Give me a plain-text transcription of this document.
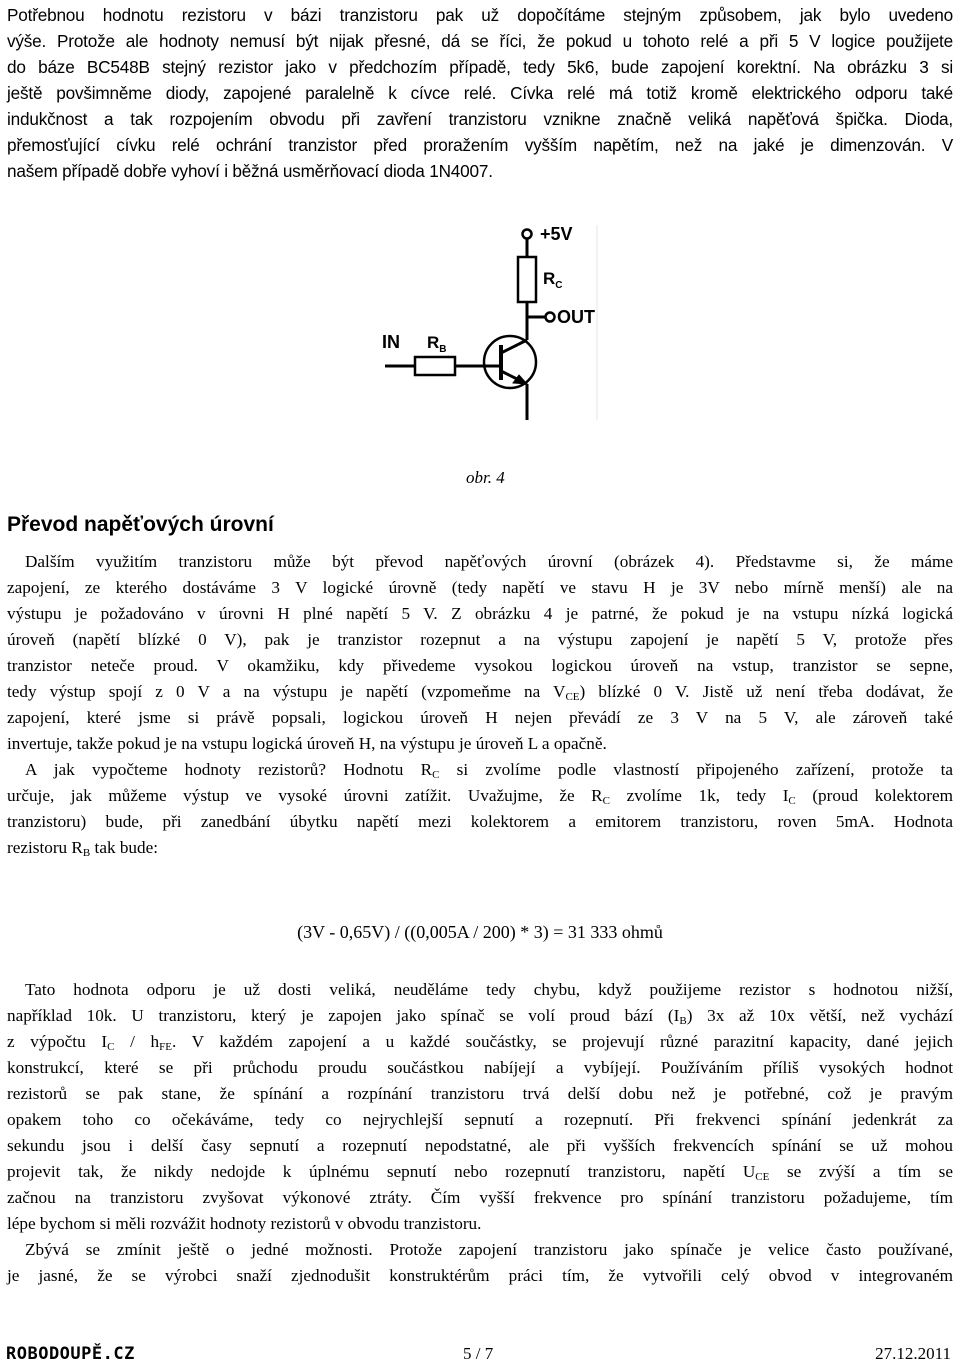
Potřebnou hodnotu rezistoru v bázi tranzistoru pak už dopočítáme stejným způsobem, jak bylo uvedeno
výše. Protože ale hodnoty nemusí být nijak přesné, dá se říci, že pokud u tohoto relé a při 5 V logice použijete
do báze BC548B stejný rezistor jako v předchozím případě, tedy 5k6, bude zapojení korektní. Na obrázku 3 si
ještě povšimněme diody, zapojené paralelně k cívce relé. Cívka relé má totiž kromě elektrického odporu také
indukčnost a tak rozpojením obvodu při zavření tranzistoru vznikne značně veliká napěťová špička. Dioda,
přemosťující cívku relé ochrání tranzistor před proražením vyšším napětím, než na jaké je dimenzován. V
našem případě dobře vyhoví i běžná usměrňovací dioda 1N4007.
+5V
$R_C$
OUT
IN $R_B$
obr. 4
Převod napěťových úrovní
Dalším využitím tranzistoru může být převod napěťových úrovní (obrázek 4). Představme si, že máme
zapojení, ze kterého dostáváme 3 V logické úrovně (tedy napětí ve stavu H je 3V nebo mírně menší) ale na
výstupu je požadováno v úrovni H plné napětí 5 V. Z obrázku 4 je patrné, že pokud je na vstupu nízká logická
úroveň (napětí blízké 0 V), pak je tranzistor rozepnut a na výstupu zapojení je napětí 5 V, protože přes
tranzistor neteče proud. V okamžiku, kdy přivedeme vysokou logickou úroveň na vstup, tranzistor se sepne,
tedy výstup spojí z 0 V a na výstupu je napětí (vzpomeňme na $V_{CE}$) blízké 0 V. Jistě už není třeba dodávat, že
zapojení, které jsme si právě popsali, logickou úroveň H nejen převádí ze 3 V na 5 V, ale zároveň také
invertuje, takže pokud je na vstupu logická úroveň H, na výstupu je úroveň L a opačně.
A jak vypočteme hodnoty rezistorů? Hodnotu $R_C$ si zvolíme podle vlastností připojeného zařízení, protože ta
určuje, jak můžeme výstup ve vysoké úrovni zatížit. Uvažujme, že $R_C$ zvolíme 1k, tedy $I_C$ (proud kolektorem
tranzistoru) bude, při zanedbání úbytku napětí mezi kolektorem a emitorem tranzistoru, roven 5mA. Hodnota
rezistoru $R_B$ tak bude:
(3V - 0,65V) / ((0,005A / 200) * 3) = 31 333 ohmů
Tato hodnota odporu je už dosti veliká, neuděláme tedy chybu, když použijeme rezistor s hodnotou nižší,
například 10k. U tranzistoru, který je zapojen jako spínač se volí proud bází $(I_B)$ 3x až 10x větší, než vychází
z výpočtu $I_C / h_{FE}$. V každém zapojení a u každé součástky, se projevují různé parazitní kapacity, dané jejich
konstrukcí, které se při průchodu proudu součástkou nabíjejí a vybíjejí. Používáním příliš vysokých hodnot
rezistorů se pak stane, že spínání a rozpínání tranzistoru trvá delší dobu než je potřebné, což je pravým
opakem toho co očekáváme, tedy co nejrychlejší sepnutí a rozepnutí. Při frekvenci spínání jedenkrát za
sekundu jsou i delší časy sepnutí a rozepnutí nepodstatné, ale při vyšších frekvencích spínání se už mohou
projevit tak, že nikdy nedojde k úplnému sepnutí nebo rozepnutí tranzistoru, napětí $U_{CE}$ se zvýší a tím se
začnou na tranzistoru zvyšovat výkonové ztráty. Čím vyšší frekvence pro spínání tranzistoru požadujeme, tím
lépe bychom si měli rozvážit hodnoty rezistorů v obvodu tranzistoru.
Zbývá se zmínit ještě o jedné možnosti. Protože zapojení tranzistoru jako spínače je velice často používané,
je jasné, že se výrobci snaží zjednodušit konstruktérům práci tím, že vytvořili celý obvod v integrovaném
ROBODOUPĚ.CZ	5 / 7	27.12.2011
